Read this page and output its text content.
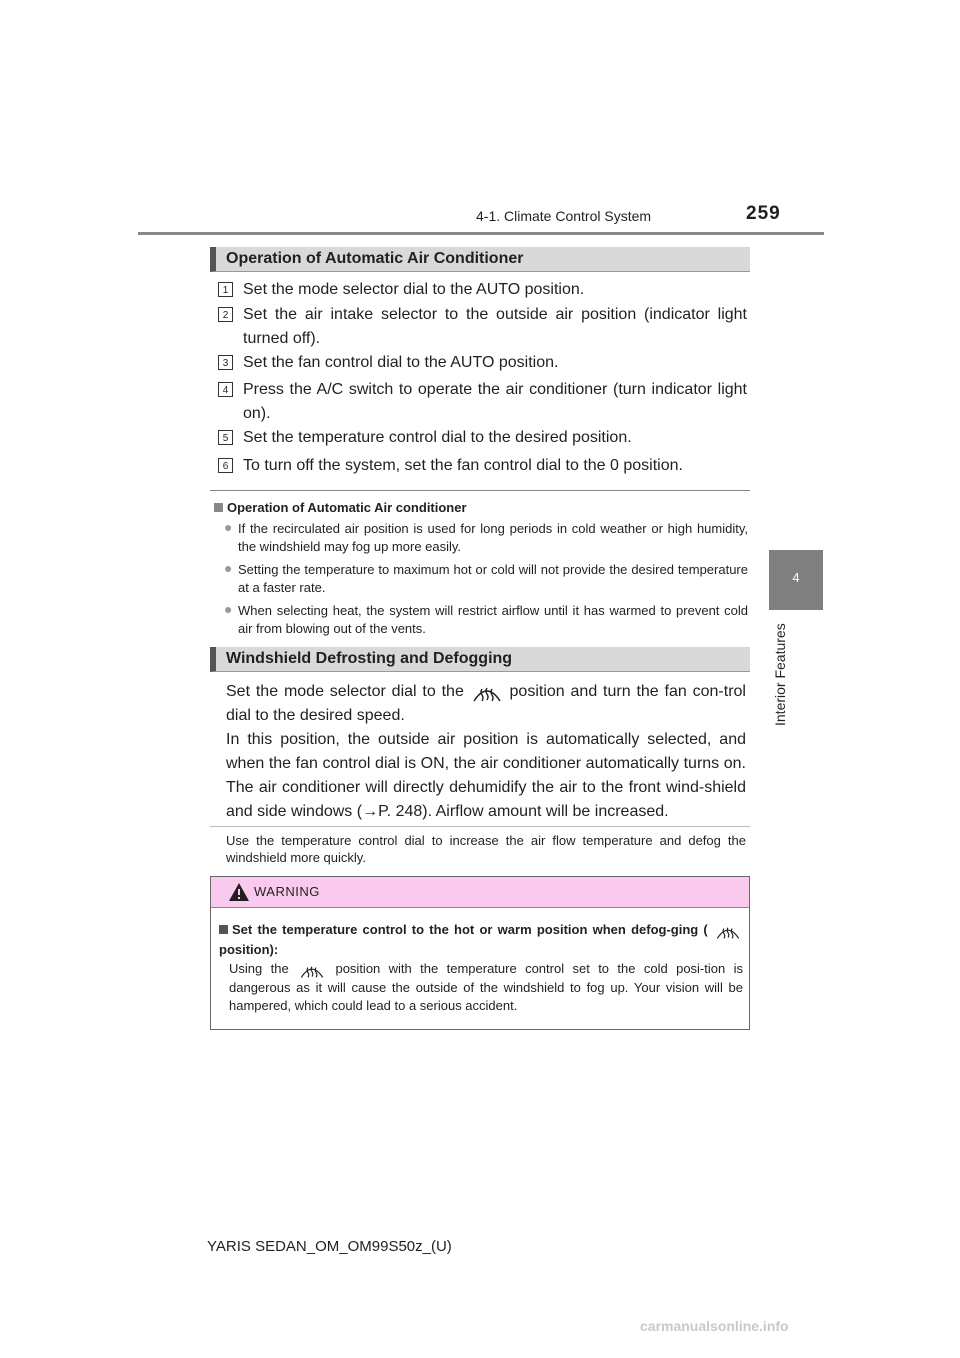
4-1. Climate Control System	259
4
Interior Features
Operation of Automatic Air Conditioner
1 Set the mode selector dial to the AUTO position.
2 Set the air intake selector to the outside air position (indicator light turned off).
3 Set the fan control dial to the AUTO position.
4 Press the A/C switch to operate the air conditioner (turn indicator light on).
5 Set the temperature control dial to the desired position.
6 To turn off the system, set the fan control dial to the 0 position.
Operation of Automatic Air conditioner
● If the recirculated air position is used for long periods in cold weather or high humidity, the windshield may fog up more easily.
● Setting the temperature to maximum hot or cold will not provide the desired temperature at a faster rate.
● When selecting heat, the system will restrict airflow until it has warmed to prevent cold air from blowing out of the vents.
Windshield Defrosting and Defogging
Set the mode selector dial to the	position and turn the fan con-trol dial to the desired speed.
In this position, the outside air position is automatically selected, and when the fan control dial is ON, the air conditioner automatically turns on. The air conditioner will directly dehumidify the air to the front wind-shield and side windows (→P. 248). Airflow amount will be increased.
Use the temperature control dial to increase the air flow temperature and defog the windshield more quickly.
WARNING
Set the temperature control to the hot or warm position when defog-ging (  position):
Using the	position with the temperature control set to the cold posi-tion is dangerous as it will cause the outside of the windshield to fog up. Your vision will be hampered, which could lead to a serious accident.
YARIS SEDAN_OM_OM99S50z_(U)
carmanualsonline.info
